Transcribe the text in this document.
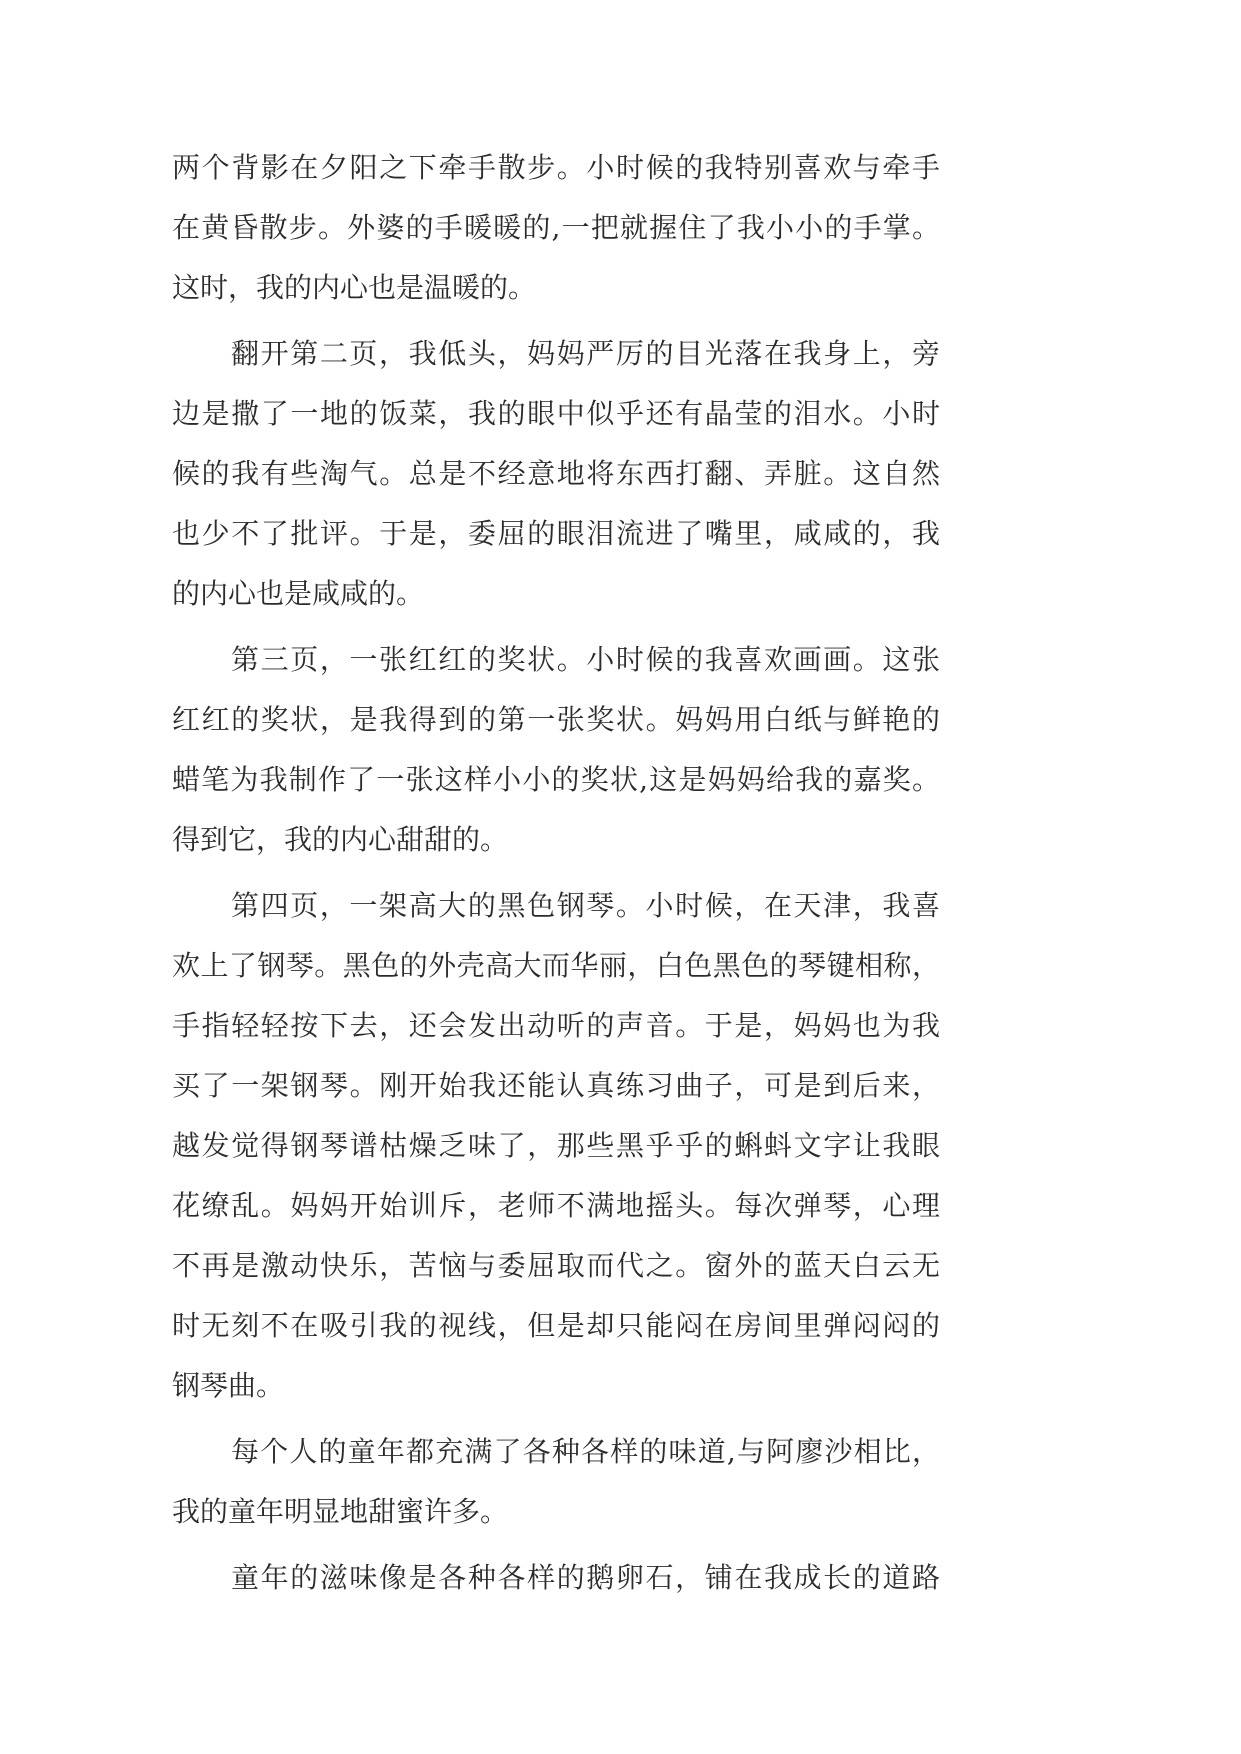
两个背影在夕阳之下牵手散步。小时候的我特别喜欢与牵手
在黄昏散步。外婆的手暖暖的,一把就握住了我小小的手掌。
这时，我的内心也是温暖的。
翻开第二页，我低头，妈妈严厉的目光落在我身上，旁
边是撒了一地的饭菜，我的眼中似乎还有晶莹的泪水。小时
候的我有些淘气。总是不经意地将东西打翻、弄脏。这自然
也少不了批评。于是，委屈的眼泪流进了嘴里，咸咸的，我
的内心也是咸咸的。
第三页，一张红红的奖状。小时候的我喜欢画画。这张
红红的奖状，是我得到的第一张奖状。妈妈用白纸与鲜艳的
蜡笔为我制作了一张这样小小的奖状,这是妈妈给我的嘉奖。
得到它，我的内心甜甜的。
第四页，一架高大的黑色钢琴。小时候，在天津，我喜
欢上了钢琴。黑色的外壳高大而华丽，白色黑色的琴键相称，
手指轻轻按下去，还会发出动听的声音。于是，妈妈也为我
买了一架钢琴。刚开始我还能认真练习曲子，可是到后来，
越发觉得钢琴谱枯燥乏味了，那些黑乎乎的蝌蚪文字让我眼
花缭乱。妈妈开始训斥，老师不满地摇头。每次弹琴，心理
不再是激动快乐，苦恼与委屈取而代之。窗外的蓝天白云无
时无刻不在吸引我的视线，但是却只能闷在房间里弹闷闷的
钢琴曲。
每个人的童年都充满了各种各样的味道,与阿廖沙相比，
我的童年明显地甜蜜许多。
童年的滋味像是各种各样的鹅卵石，铺在我成长的道路
